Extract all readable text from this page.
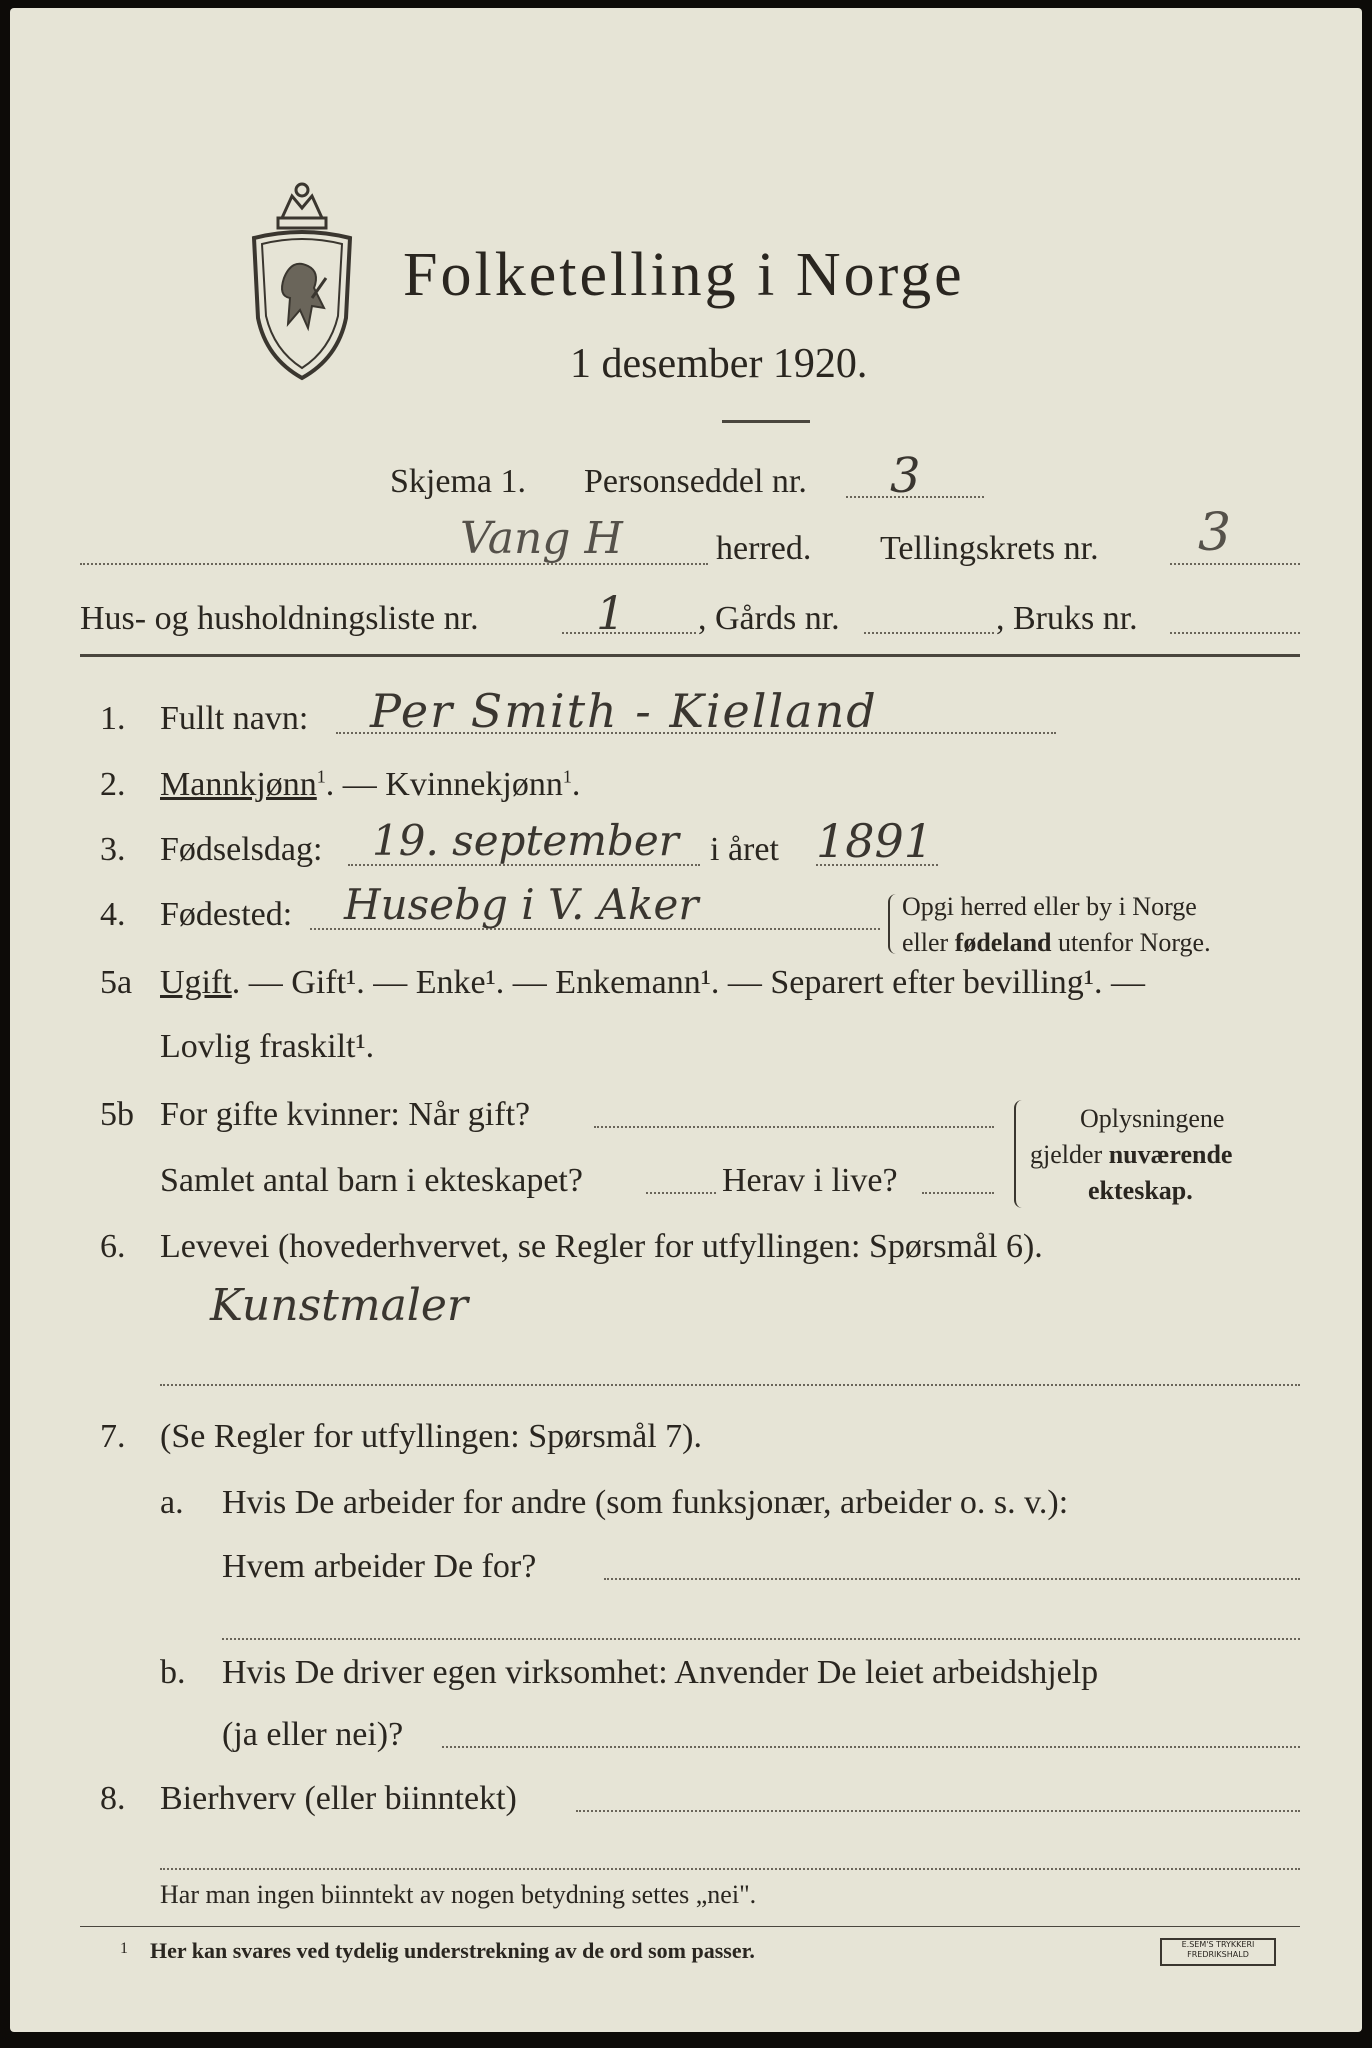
Folketelling i Norge
1 desember 1920.
Skjema 1. Personseddel nr. 3
Vang H	herred. Tellingskrets nr. 3
Hus- og husholdningsliste nr.	1 , Gårds nr.	, Bruks nr.
1. Fullt navn: Per Smith - Kielland
2. Mannkjønn$^1$. — Kvinnekjønn$^1$.
3. Fødselsdag: 19. september i året 1891
4. Fødested: Husebg i V. Aker	Opgi herred eller by i Norge
eller fødeland utenfor Norge.
5a Ugift. — Gift¹. — Enke¹. — Enkemann¹. — Separert efter bevilling¹. —
Lovlig fraskilt¹.
5b For gifte kvinner: Når gift?
Samlet antal barn i ekteskapet?	Herav i live?
Oplysningene
gjelder nuværende
ekteskap.
6. Levevei (hovederhvervet, se Regler for utfyllingen: Spørsmål 6).
Kunstmaler
7. (Se Regler for utfyllingen: Spørsmål 7).
a. Hvis De arbeider for andre (som funksjonær, arbeider o. s. v.):
Hvem arbeider De for?
b. Hvis De driver egen virksomhet: Anvender De leiet arbeidshjelp
(ja eller nei)?
8. Bierhverv (eller biinntekt)
Har man ingen biinntekt av nogen betydning settes „nei".
1 Her kan svares ved tydelig understrekning av de ord som passer.	E.SEM'S TRYKKERI
FREDRIKSHALD
